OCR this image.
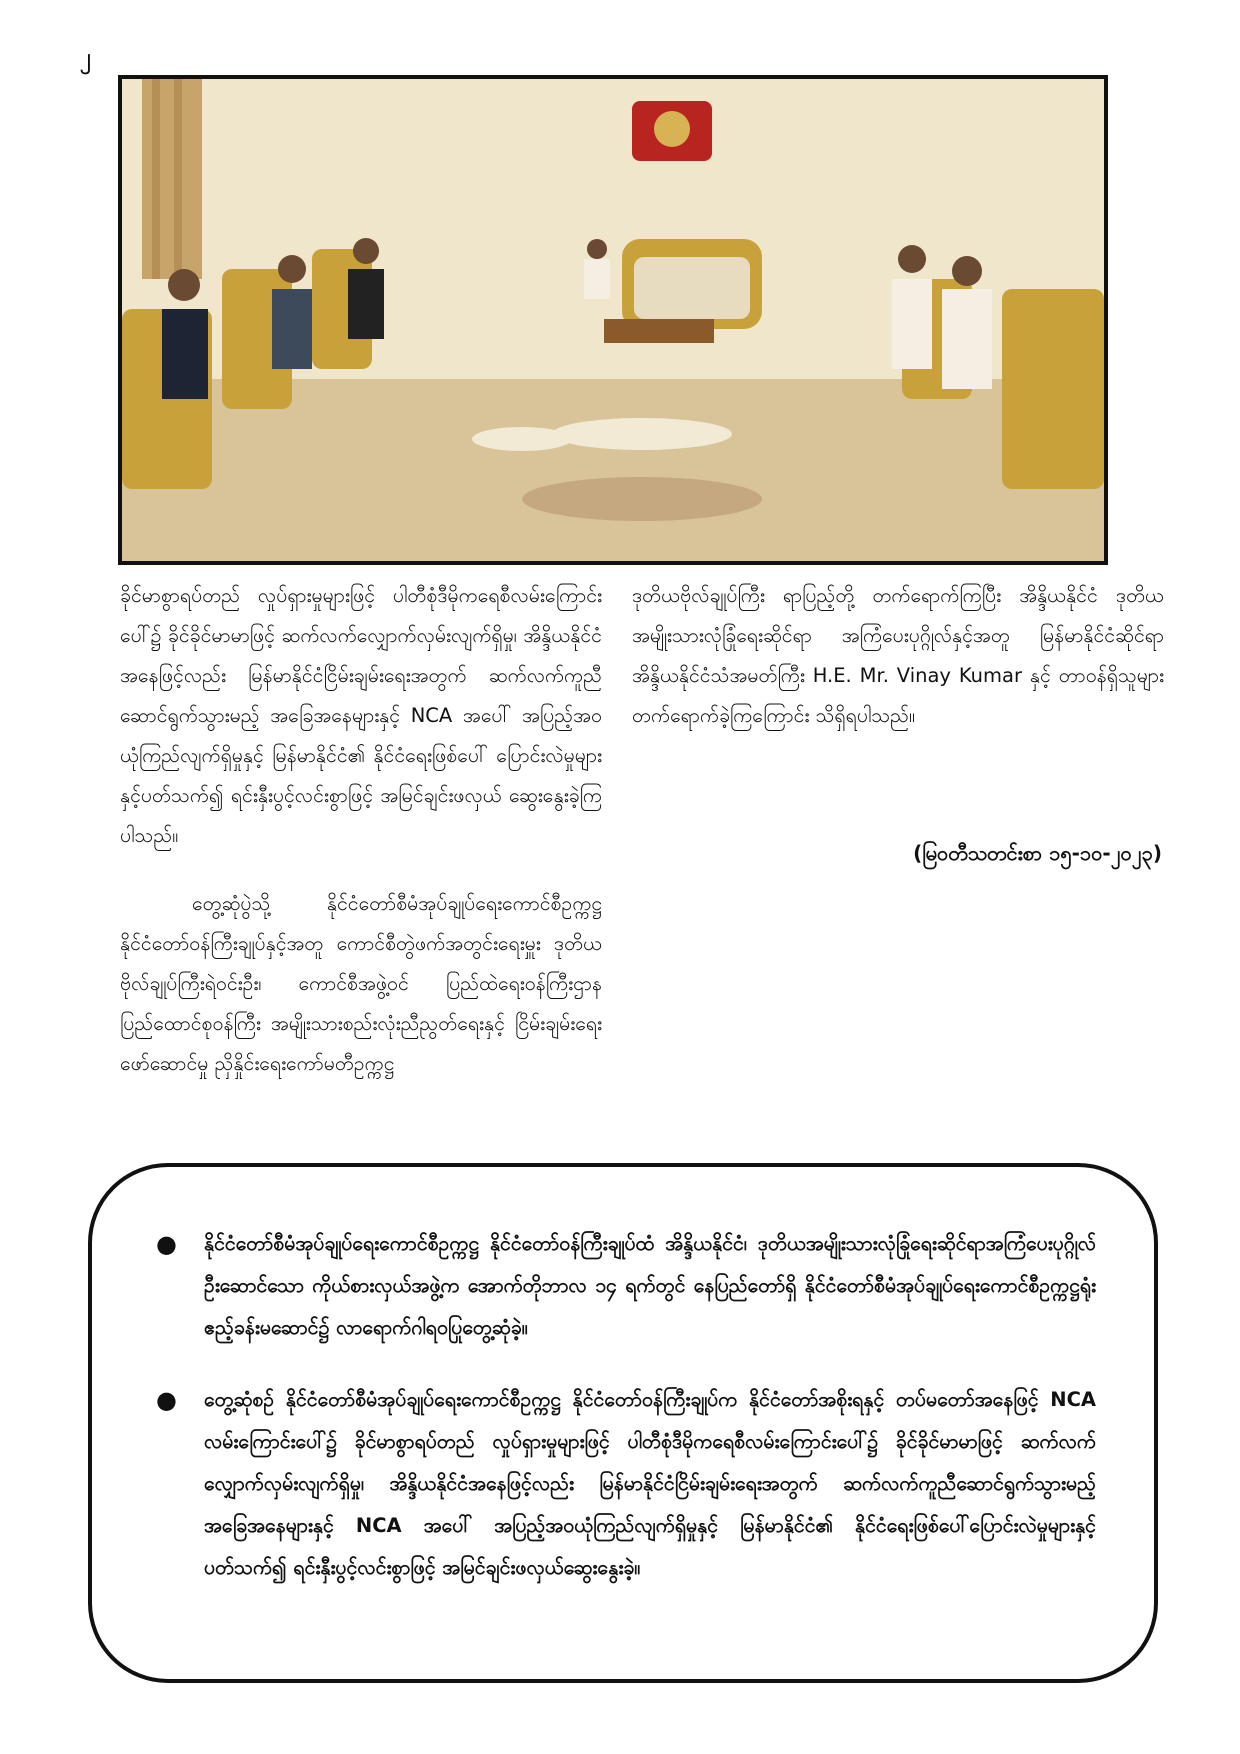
၂

ခိုင်မာစွာရပ်တည် လှုပ်ရှားမှုများဖြင့် ပါတီစုံဒီမိုကရေစီလမ်းကြောင်းပေါ်၌ ခိုင်ခိုင်မာမာဖြင့် ဆက်လက်လျှောက်လှမ်းလျက်ရှိမှု၊ အိန္ဒိယနိုင်ငံအနေဖြင့်လည်း မြန်မာနိုင်ငံငြိမ်းချမ်းရေးအတွက် ဆက်လက်ကူညီဆောင်ရွက်သွားမည့် အခြေအနေများနှင့် NCA အပေါ် အပြည့်အဝယုံကြည်လျက်ရှိမှုနှင့် မြန်မာနိုင်ငံ၏ နိုင်ငံရေးဖြစ်ပေါ် ပြောင်းလဲမှုများနှင့်ပတ်သက်၍ ရင်းနှီးပွင့်လင်းစွာဖြင့် အမြင်ချင်းဖလှယ် ဆွေးနွေးခဲ့ကြပါသည်။

တွေ့ဆုံပွဲသို့ နိုင်ငံတော်စီမံအုပ်ချုပ်ရေးကောင်စီဥက္ကဋ္ဌ နိုင်ငံတော်ဝန်ကြီးချုပ်နှင့်အတူ ကောင်စီတွဲဖက်အတွင်းရေးမှူး ဒုတိယဗိုလ်ချုပ်ကြီးရဲဝင်းဦး၊ ကောင်စီအဖွဲ့ဝင် ပြည်ထဲရေးဝန်ကြီးဌာန ပြည်ထောင်စုဝန်ကြီး အမျိုးသားစည်းလုံးညီညွတ်ရေးနှင့် ငြိမ်းချမ်းရေးဖော်ဆောင်မှု ညှိနှိုင်းရေးကော်မတီဥက္ကဋ္ဌ

ဒုတိယဗိုလ်ချုပ်ကြီး ရာပြည့်တို့ တက်ရောက်ကြပြီး အိန္ဒိယနိုင်ငံ ဒုတိယအမျိုးသားလုံခြုံရေးဆိုင်ရာ အကြံပေးပုဂ္ဂိုလ်နှင့်အတူ မြန်မာနိုင်ငံဆိုင်ရာ အိန္ဒိယနိုင်ငံသံအမတ်ကြီး H.E. Mr. Vinay Kumar နှင့် တာဝန်ရှိသူများ တက်ရောက်ခဲ့ကြကြောင်း သိရှိရပါသည်။

(မြဝတီသတင်းစာ ၁၅-၁၀-၂၀၂၃)
● နိုင်ငံတော်စီမံအုပ်ချုပ်ရေးကောင်စီဥက္ကဋ္ဌ နိုင်ငံတော်ဝန်ကြီးချုပ်ထံ အိန္ဒိယနိုင်ငံ၊ ဒုတိယအမျိုးသားလုံခြုံရေးဆိုင်ရာအကြံပေးပုဂ္ဂိုလ်ဦးဆောင်သော ကိုယ်စားလှယ်အဖွဲ့က အောက်တိုဘာလ ၁၄ ရက်တွင် နေပြည်တော်ရှိ နိုင်ငံတော်စီမံအုပ်ချုပ်ရေးကောင်စီဥက္ကဋ္ဌရုံး ဧည့်ခန်းမဆောင်၌ လာရောက်ဂါရဝပြုတွေ့ဆုံခဲ့။
● တွေ့ဆုံစဉ် နိုင်ငံတော်စီမံအုပ်ချုပ်ရေးကောင်စီဥက္ကဋ္ဌ နိုင်ငံတော်ဝန်ကြီးချုပ်က နိုင်ငံတော်အစိုးရနှင့် တပ်မတော်အနေဖြင့် NCA လမ်းကြောင်းပေါ်၌ ခိုင်မာစွာရပ်တည် လှုပ်ရှားမှုများဖြင့် ပါတီစုံဒီမိုကရေစီလမ်းကြောင်းပေါ်၌ ခိုင်ခိုင်မာမာဖြင့် ဆက်လက်လျှောက်လှမ်းလျက်ရှိမှု၊ အိန္ဒိယနိုင်ငံအနေဖြင့်လည်း မြန်မာနိုင်ငံငြိမ်းချမ်းရေးအတွက် ဆက်လက်ကူညီဆောင်ရွက်သွားမည့် အခြေအနေများနှင့် NCA အပေါ် အပြည့်အဝယုံကြည်လျက်ရှိမှုနှင့် မြန်မာနိုင်ငံ၏ နိုင်ငံရေးဖြစ်ပေါ်ပြောင်းလဲမှုများနှင့်ပတ်သက်၍ ရင်းနှီးပွင့်လင်းစွာဖြင့် အမြင်ချင်းဖလှယ်ဆွေးနွေးခဲ့။
